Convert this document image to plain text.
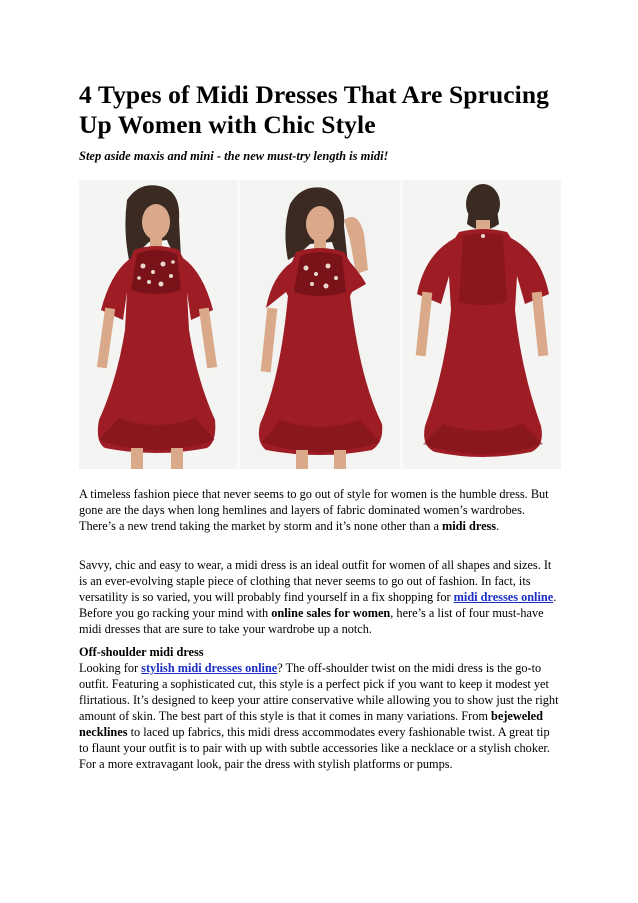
4 Types of Midi Dresses That Are Sprucing Up Women with Chic Style

Step aside maxis and mini - the new must-try length is midi!

A timeless fashion piece that never seems to go out of style for women is the humble dress. But gone are the days when long hemlines and layers of fabric dominated women’s wardrobes. There’s a new trend taking the market by storm and it’s none other than a midi dress.

Savvy, chic and easy to wear, a midi dress is an ideal outfit for women of all shapes and sizes. It is an ever-evolving staple piece of clothing that never seems to go out of fashion. In fact, its versatility is so varied, you will probably find yourself in a fix shopping for midi dresses online. Before you go racking your mind with online sales for women, here’s a list of four must-have midi dresses that are sure to take your wardrobe up a notch.

Off-shoulder midi dress
Looking for stylish midi dresses online? The off-shoulder twist on the midi dress is the go-to outfit. Featuring a sophisticated cut, this style is a perfect pick if you want to keep it modest yet flirtatious. It’s designed to keep your attire conservative while allowing you to show just the right amount of skin. The best part of this style is that it comes in many variations. From bejeweled necklines to laced up fabrics, this midi dress accommodates every fashionable twist. A great tip to flaunt your outfit is to pair with up with subtle accessories like a necklace or a stylish choker. For a more extravagant look, pair the dress with stylish platforms or pumps.
